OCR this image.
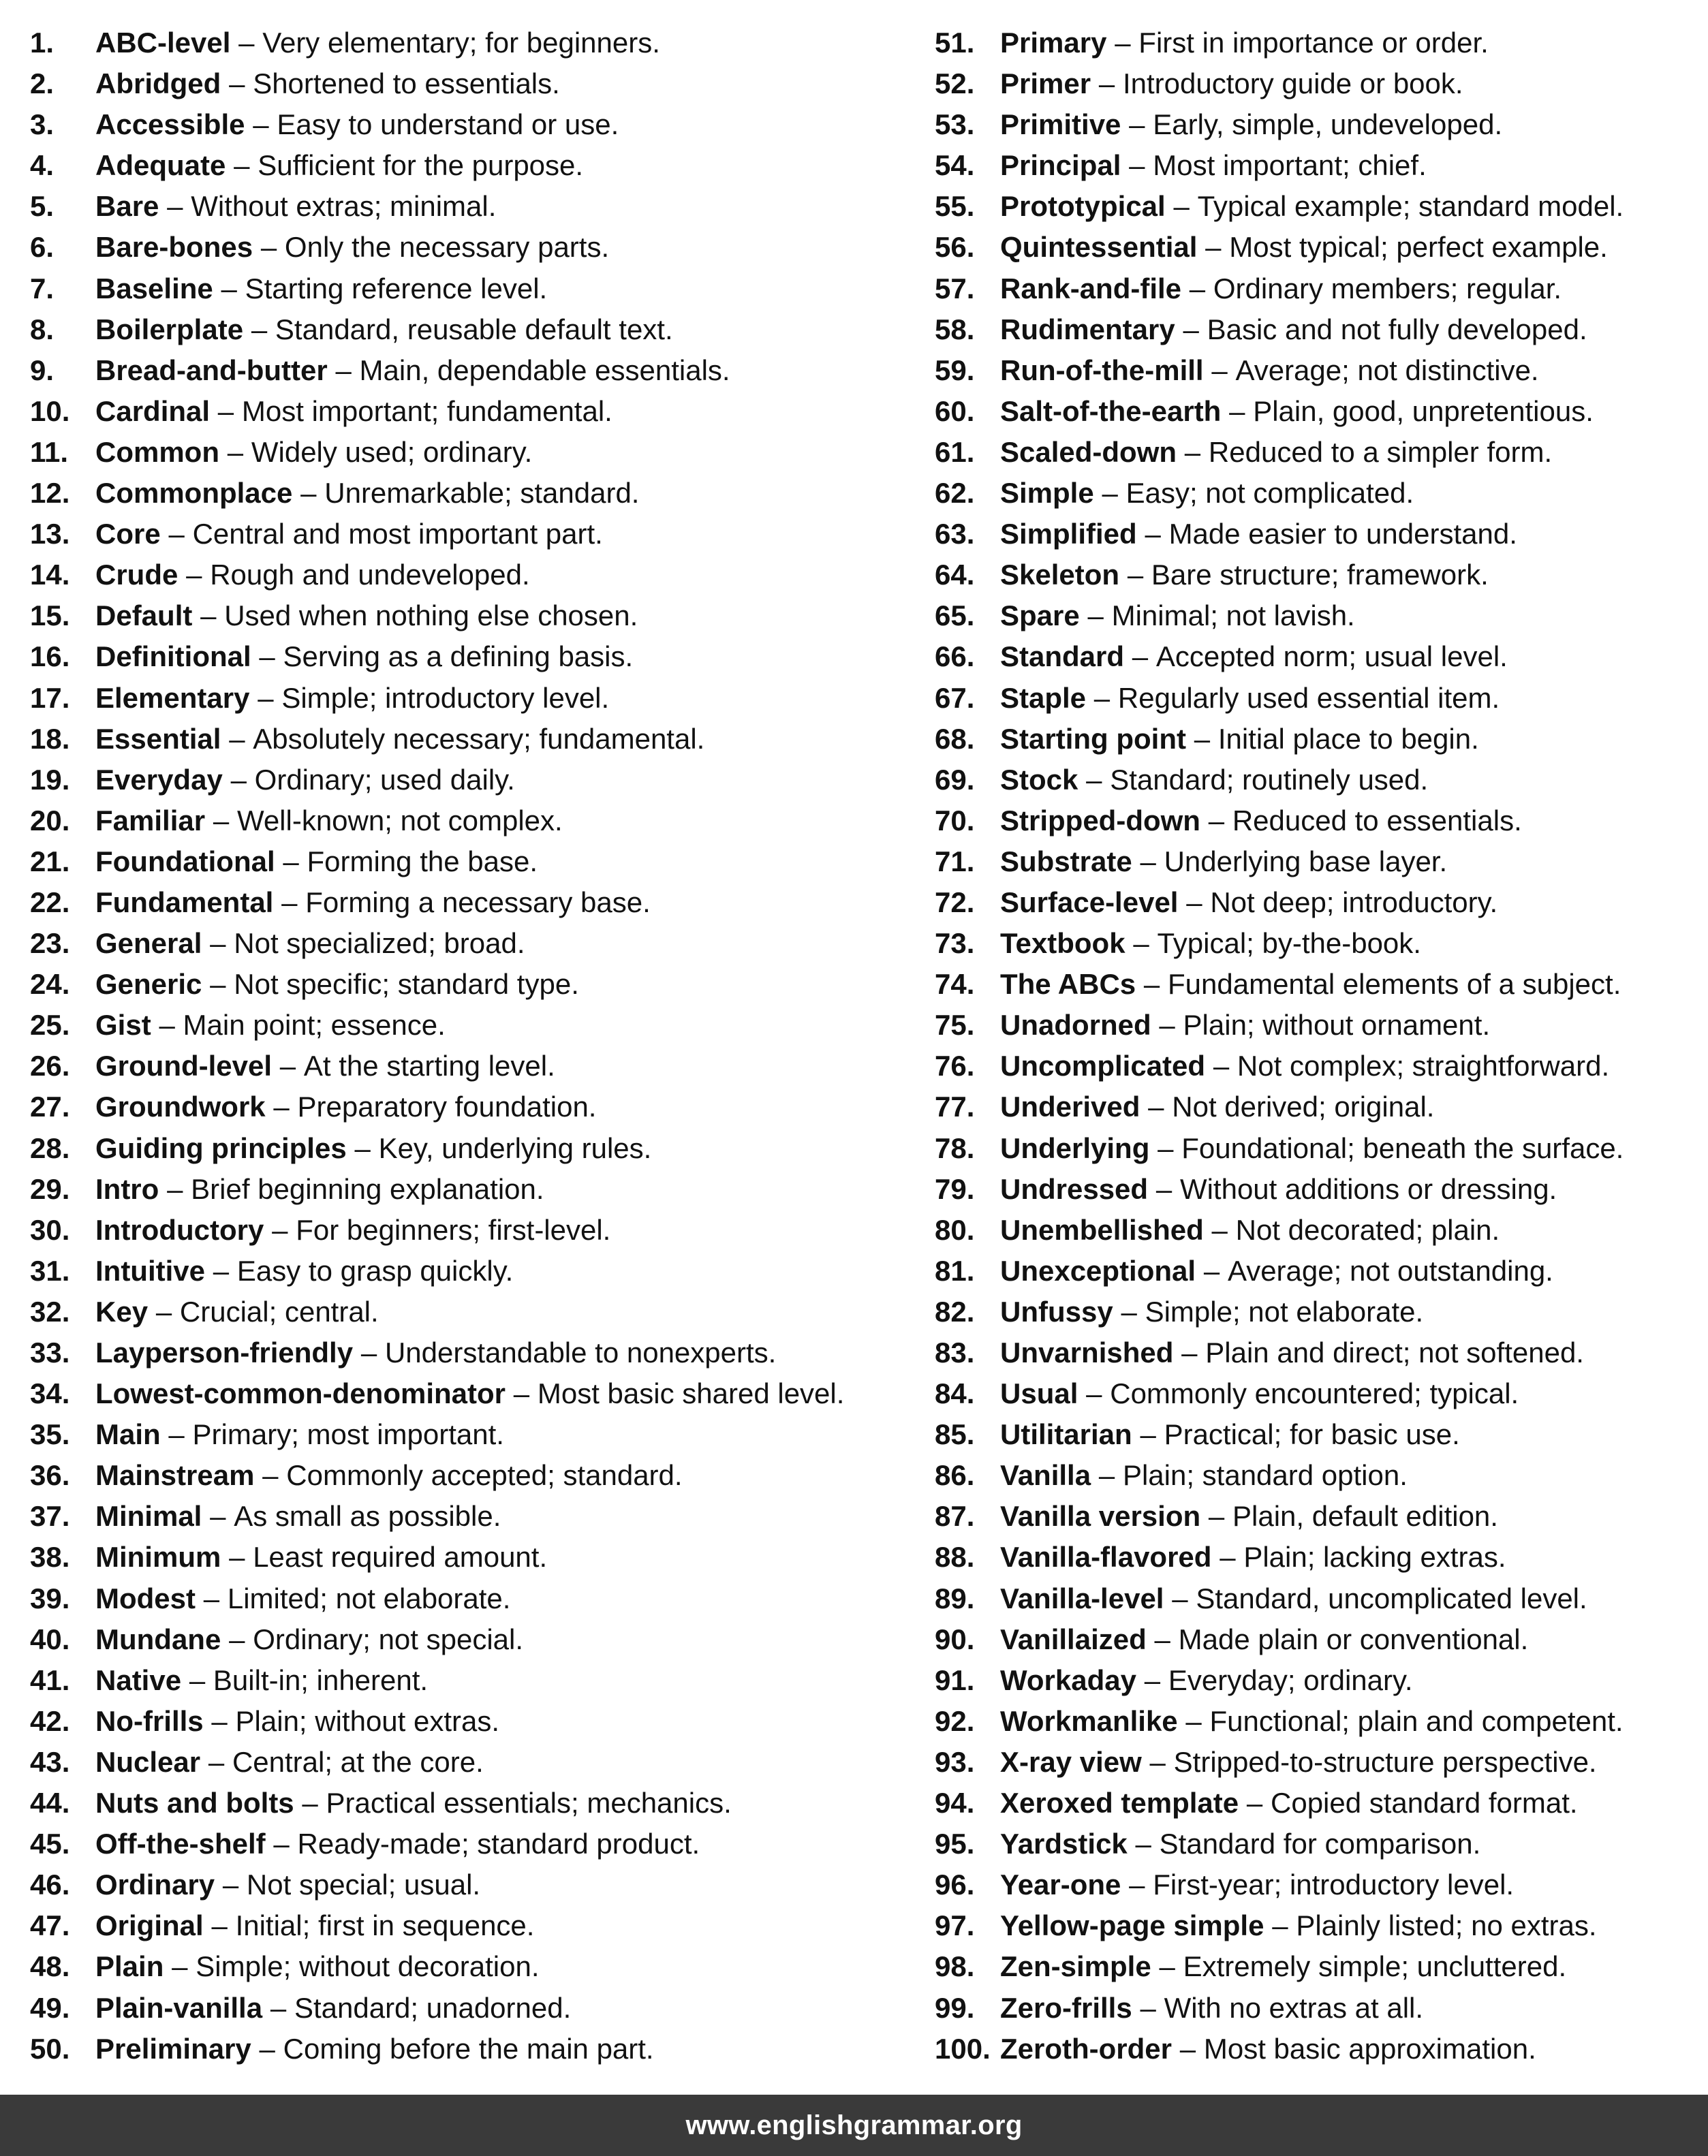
1.	ABC-level – Very elementary; for beginners.
2.	Abridged – Shortened to essentials.
3.	Accessible – Easy to understand or use.
4.	Adequate – Sufficient for the purpose.
5.	Bare – Without extras; minimal.
6.	Bare-bones – Only the necessary parts.
7.	Baseline – Starting reference level.
8.	Boilerplate – Standard, reusable default text.
9.	Bread-and-butter – Main, dependable essentials.
10. Cardinal – Most important; fundamental.
11. Common – Widely used; ordinary.
12. Commonplace – Unremarkable; standard.
13. Core – Central and most important part.
14. Crude – Rough and undeveloped.
15. Default – Used when nothing else chosen.
16. Definitional – Serving as a defining basis.
17. Elementary – Simple; introductory level.
18. Essential – Absolutely necessary; fundamental.
19. Everyday – Ordinary; used daily.
20. Familiar – Well-known; not complex.
21. Foundational – Forming the base.
22. Fundamental – Forming a necessary base.
23. General – Not specialized; broad.
24. Generic – Not specific; standard type.
25. Gist – Main point; essence.
26. Ground-level – At the starting level.
27. Groundwork – Preparatory foundation.
28. Guiding principles – Key, underlying rules.
29. Intro – Brief beginning explanation.
30. Introductory – For beginners; first-level.
31. Intuitive – Easy to grasp quickly.
32. Key – Crucial; central.
33. Layperson-friendly – Understandable to nonexperts.
34. Lowest-common-denominator – Most basic shared level.
35. Main – Primary; most important.
36. Mainstream – Commonly accepted; standard.
37. Minimal – As small as possible.
38. Minimum – Least required amount.
39. Modest – Limited; not elaborate.
40. Mundane – Ordinary; not special.
41. Native – Built-in; inherent.
42. No-frills – Plain; without extras.
43. Nuclear – Central; at the core.
44. Nuts and bolts – Practical essentials; mechanics.
45. Off-the-shelf – Ready-made; standard product.
46. Ordinary – Not special; usual.
47. Original – Initial; first in sequence.
48. Plain – Simple; without decoration.
49. Plain-vanilla – Standard; unadorned.
50. Preliminary – Coming before the main part.
51. Primary – First in importance or order.
52. Primer – Introductory guide or book.
53. Primitive – Early, simple, undeveloped.
54. Principal – Most important; chief.
55. Prototypical – Typical example; standard model.
56. Quintessential – Most typical; perfect example.
57. Rank-and-file – Ordinary members; regular.
58. Rudimentary – Basic and not fully developed.
59. Run-of-the-mill – Average; not distinctive.
60. Salt-of-the-earth – Plain, good, unpretentious.
61. Scaled-down – Reduced to a simpler form.
62. Simple – Easy; not complicated.
63. Simplified – Made easier to understand.
64. Skeleton – Bare structure; framework.
65. Spare – Minimal; not lavish.
66. Standard – Accepted norm; usual level.
67. Staple – Regularly used essential item.
68. Starting point – Initial place to begin.
69. Stock – Standard; routinely used.
70. Stripped-down – Reduced to essentials.
71. Substrate – Underlying base layer.
72. Surface-level – Not deep; introductory.
73. Textbook – Typical; by-the-book.
74. The ABCs – Fundamental elements of a subject.
75. Unadorned – Plain; without ornament.
76. Uncomplicated – Not complex; straightforward.
77. Underived – Not derived; original.
78. Underlying – Foundational; beneath the surface.
79. Undressed – Without additions or dressing.
80. Unembellished – Not decorated; plain.
81. Unexceptional – Average; not outstanding.
82. Unfussy – Simple; not elaborate.
83. Unvarnished – Plain and direct; not softened.
84. Usual – Commonly encountered; typical.
85. Utilitarian – Practical; for basic use.
86. Vanilla – Plain; standard option.
87. Vanilla version – Plain, default edition.
88. Vanilla-flavored – Plain; lacking extras.
89. Vanilla-level – Standard, uncomplicated level.
90. Vanillaized – Made plain or conventional.
91. Workaday – Everyday; ordinary.
92. Workmanlike – Functional; plain and competent.
93. X-ray view – Stripped-to-structure perspective.
94. Xeroxed template – Copied standard format.
95. Yardstick – Standard for comparison.
96. Year-one – First-year; introductory level.
97. Yellow-page simple – Plainly listed; no extras.
98. Zen-simple – Extremely simple; uncluttered.
99. Zero-frills – With no extras at all.
100. Zeroth-order – Most basic approximation.
www.englishgrammar.org
